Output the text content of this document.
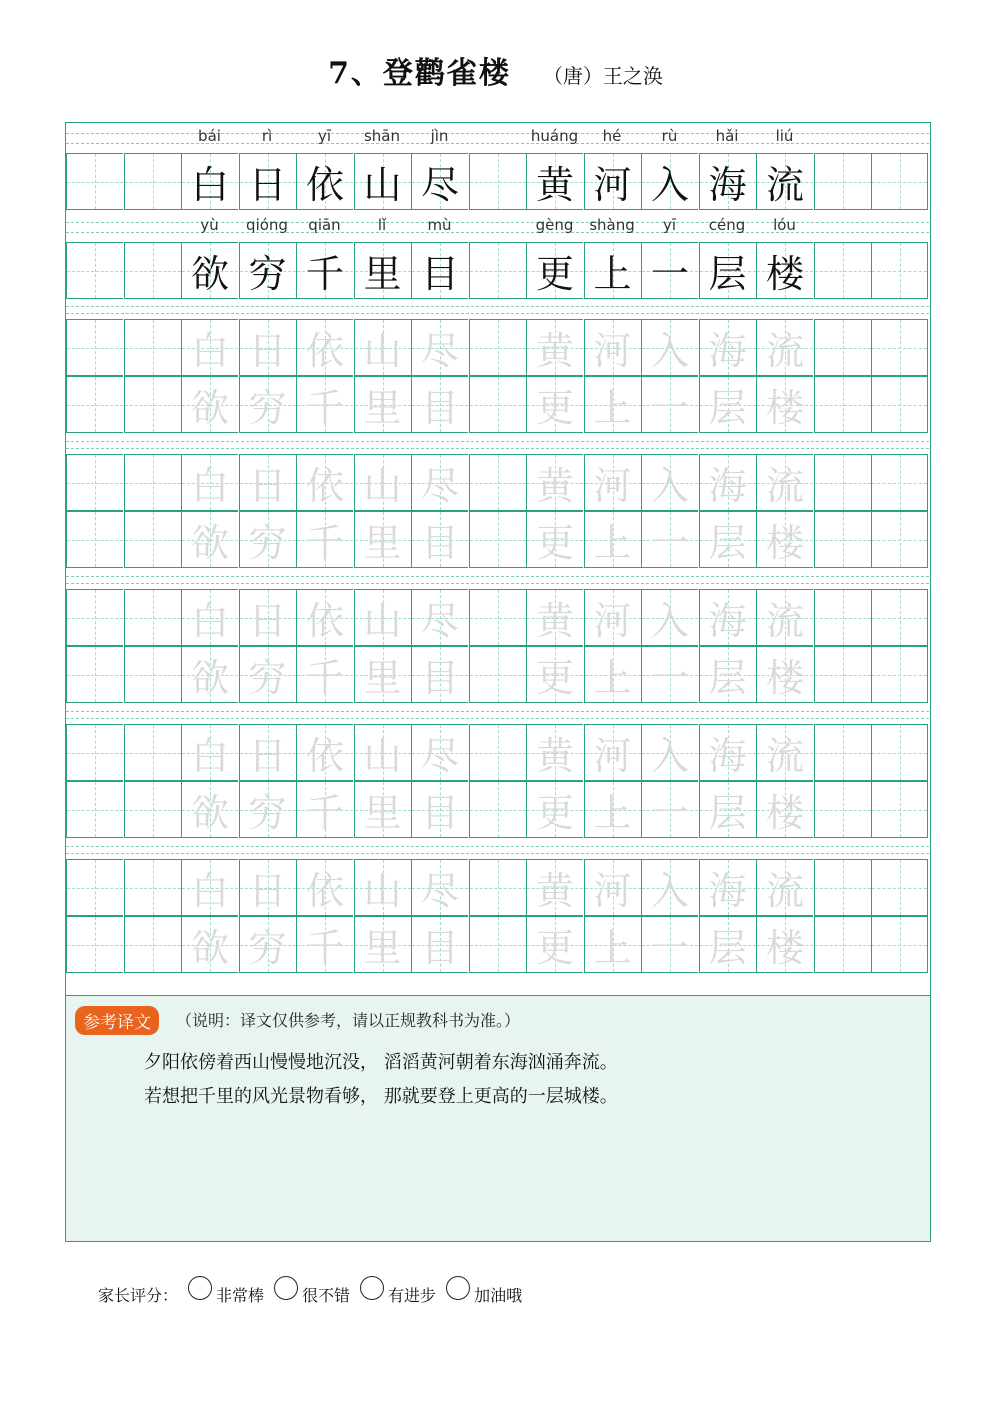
7、登鹳雀楼 （唐）王之涣
bái	rì	yī	shān	jìn	huáng	hé	rù	hǎi	liú
白 日 依 山 尽 黄 河 入 海 流
yù	qióng	qiān	lǐ	mù	gèng	shàng	yī	céng	lóu
欲 穷 千 里 目 更 上 一 层 楼
白 日 依 山 尽 黄 河 入 海 流
欲 穷 千 里 目 更 上 一 层 楼
白 日 依 山 尽 黄 河 入 海 流
欲 穷 千 里 目 更 上 一 层 楼
白 日 依 山 尽 黄 河 入 海 流
欲 穷 千 里 目 更 上 一 层 楼
白 日 依 山 尽 黄 河 入 海 流
欲 穷 千 里 目 更 上 一 层 楼
白 日 依 山 尽 黄 河 入 海 流
欲 穷 千 里 目 更 上 一 层 楼
参考译文	（说明：译文仅供参考，请以正规教科书为准。）
夕阳依傍着西山慢慢地沉没， 滔滔黄河朝着东海汹涌奔流。
若想把千里的风光景物看够， 那就要登上更高的一层城楼。
家长评分： 非常棒 很不错 有进步 加油哦
